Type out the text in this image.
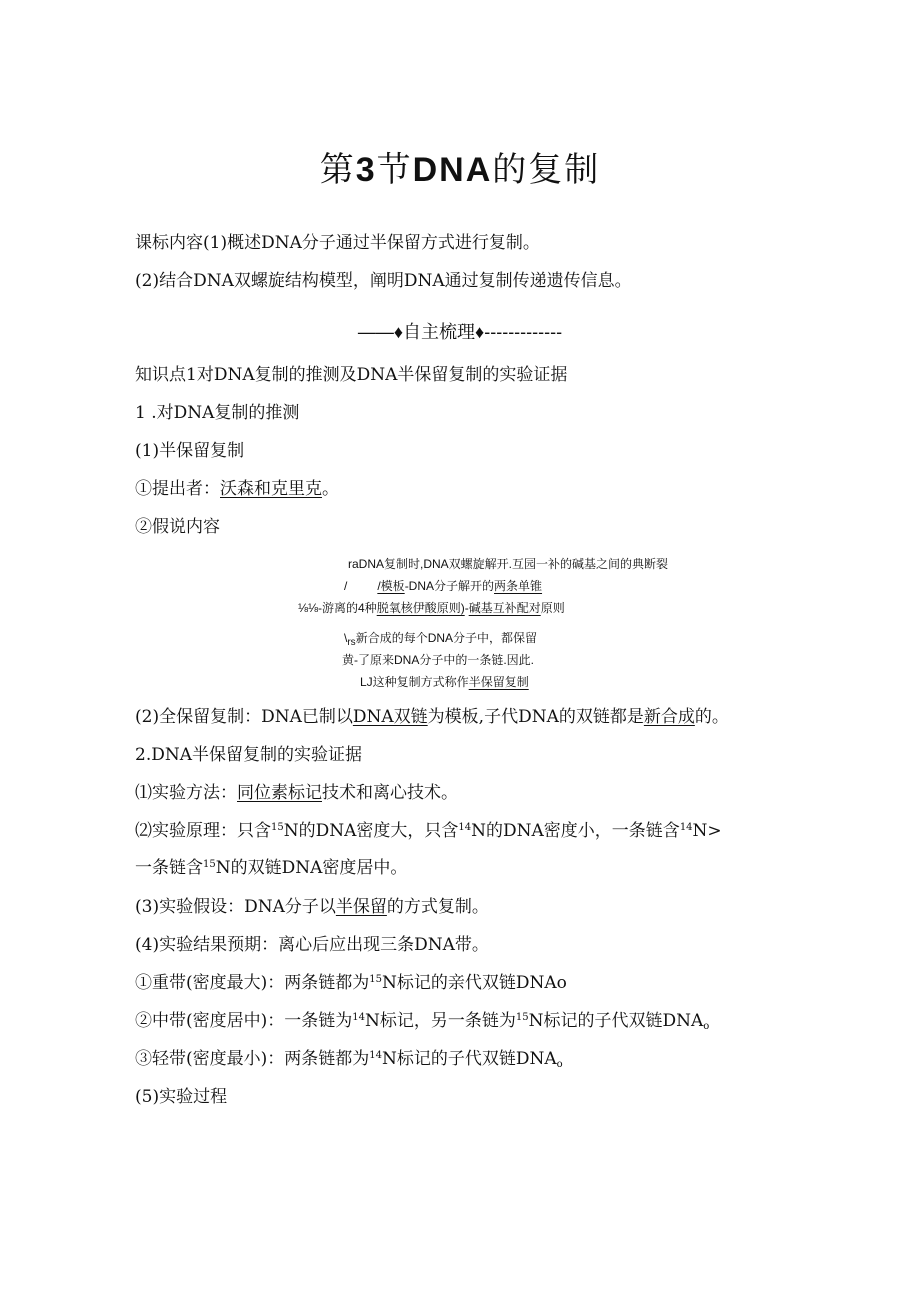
第3节DNA的复制
课标内容(1)概述DNA分子通过半保留方式进行复制。
(2)结合DNA双螺旋结构模型，阐明DNA通过复制传递遗传信息。
——♦自主梳理♦-------------
知识点1对DNA复制的推测及DNA半保留复制的实验证据
1 .对DNA复制的推测
(1)半保留复制
①提出者：沃森和克里克。
②假说内容
raDNA复制时,DNA双螺旋解开.互园一补的碱基之间的典断裂
/	/模板-DNA分子解开的两条单锥
⅛⅛-游离的4种脱氧核伊酸原则)-碱基互补配对原则
$\backslash_{rs}$新合成的每个DNA分子中，都保留
黄-了原来DNA分子中的一条链.因此.
LJ这种复制方式称作半保留复制
(2)全保留复制：DNA已制以DNA双链为模板,子代DNA的双链都是新合成的。
2.DNA半保留复制的实验证据
⑴实验方法：同位素标记技术和离心技术。
⑵实验原理：只含$^{15}$N的DNA密度大，只含$^{14}$N的DNA密度小，一条链含$^{14}$N>
一条链含$^{15}$N的双链DNA密度居中。
(3)实验假设：DNA分子以半保留的方式复制。
(4)实验结果预期：离心后应出现三条DNA带。
①重带(密度最大)：两条链都为$^{15}$N标记的亲代双链DNAo
②中带(密度居中)：一条链为$^{14}$N标记，另一条链为$^{15}$N标记的子代双链$DNA_o$
③轻带(密度最小)：两条链都为$^{14}$N标记的子代双链$DNA_o$
(5)实验过程
